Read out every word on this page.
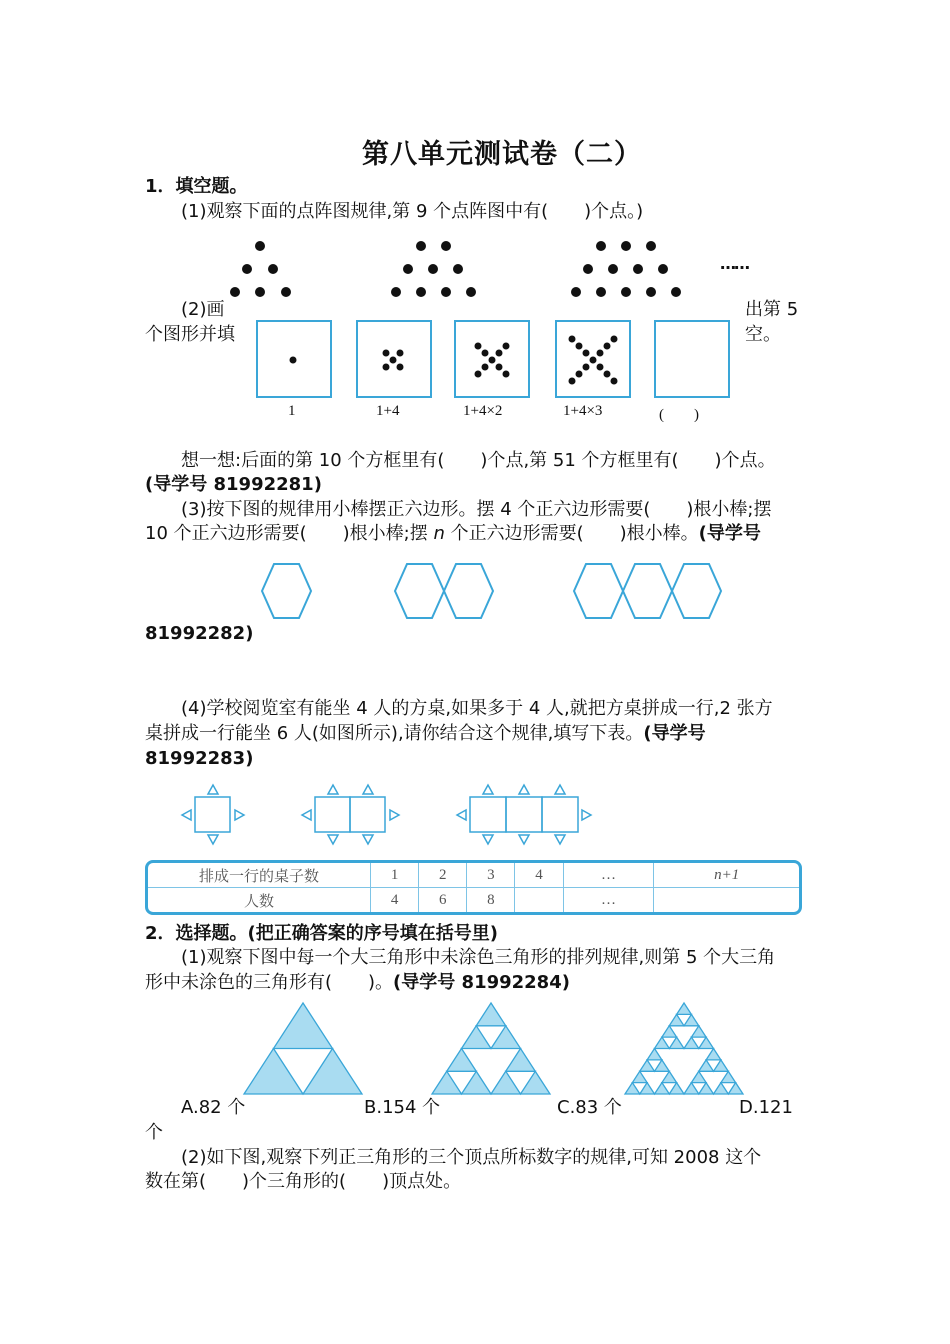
第八单元测试卷（二）
1．填空题。
(1)观察下面的点阵图规律,第 9 个点阵图中有(　　)个点。)
……
(2)画
个图形并填
出第 5
空。
1	1+4	1+4×2	1+4×3	(　　)
想一想:后面的第 10 个方框里有(　　)个点,第 51 个方框里有(　　)个点。
(导学号 81992281)
(3)按下图的规律用小棒摆正六边形。摆 4 个正六边形需要(　　)根小棒;摆
10 个正六边形需要(　　)根小棒;摆 n 个正六边形需要(　　)根小棒。(导学号
81992282)
(4)学校阅览室有能坐 4 人的方桌,如果多于 4 人,就把方桌拼成一行,2 张方
桌拼成一行能坐 6 人(如图所示),请你结合这个规律,填写下表。(导学号
81992283)
排成一行的桌子数	1	2	3	4	…	n+1
人数	4	6	8		…	
2．选择题。(把正确答案的序号填在括号里)
(1)观察下图中每一个大三角形中未涂色三角形的排列规律,则第 5 个大三角
形中未涂色的三角形有(　　)。(导学号 81992284)
A.82 个	B.154 个	C.83 个	D.121
个
(2)如下图,观察下列正三角形的三个顶点所标数字的规律,可知 2008 这个
数在第(　　)个三角形的(　　)顶点处。
